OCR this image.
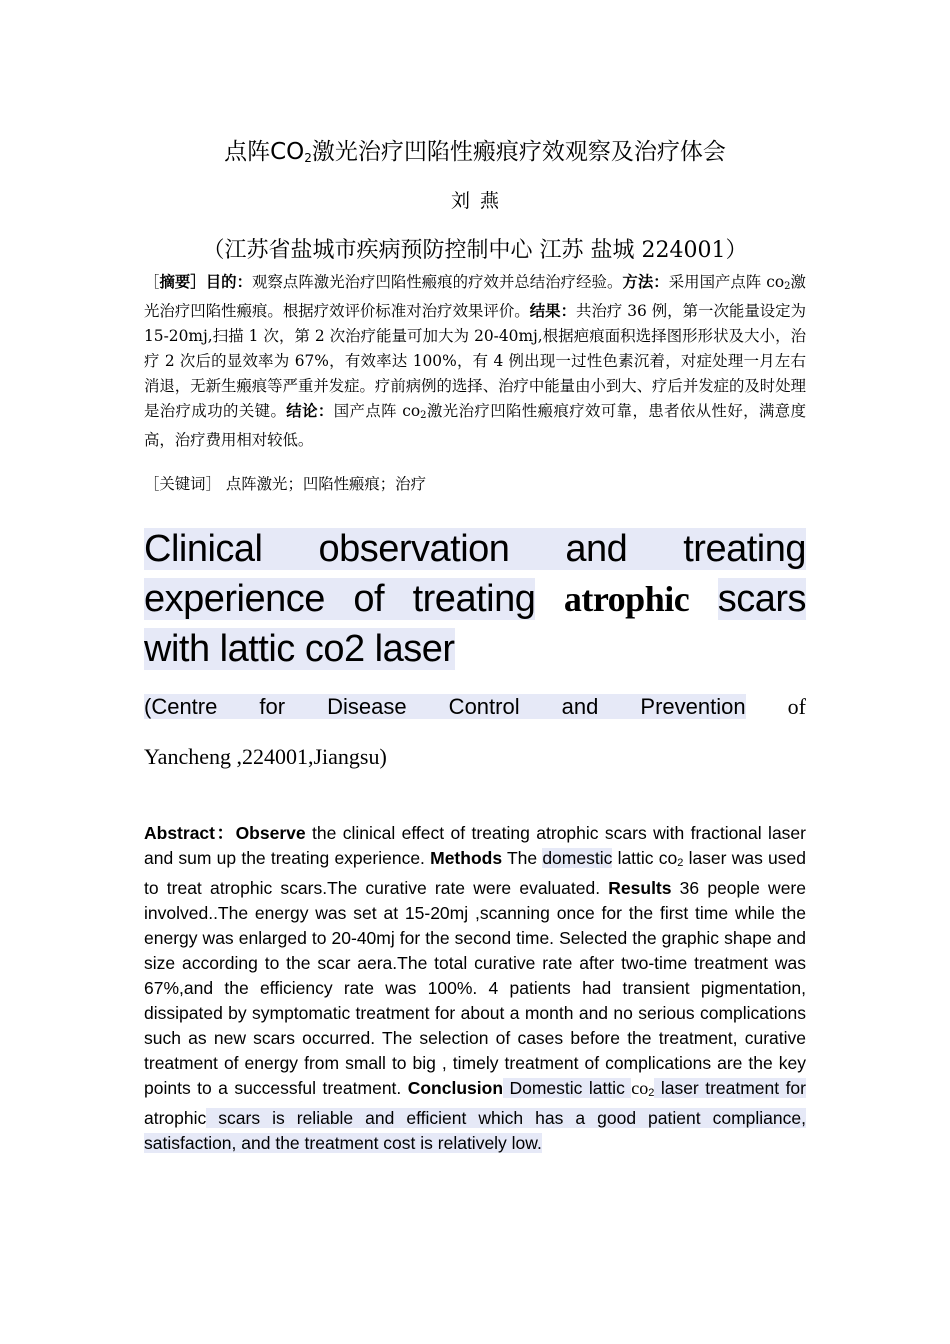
点阵$CO_2$激光治疗凹陷性瘢痕疗效观察及治疗体会
刘燕
（江苏省盐城市疾病预防控制中心 江苏 盐城 224001）
［摘要］目的：观察点阵激光治疗凹陷性瘢痕的疗效并总结治疗经验。方法：采用国产点阵 $co_2$激光治疗凹陷性瘢痕。根据疗效评价标准对治疗效果评价。结果：共治疗 36 例，第一次能量设定为 15-20mj,扫描 1 次，第 2 次治疗能量可加大为 20-40mj,根据疤痕面积选择图形形状及大小，治疗 2 次后的显效率为 67%，有效率达 100%，有 4 例出现一过性色素沉着，对症处理一月左右消退，无新生瘢痕等严重并发症。疗前病例的选择、治疗中能量由小到大、疗后并发症的及时处理是治疗成功的关键。结论：国产点阵 $co_2$激光治疗凹陷性瘢痕疗效可靠，患者依从性好，满意度高，治疗费用相对较低。
［关键词］ 点阵激光；凹陷性瘢痕；治疗
Clinical observation and treating
experience of treating atrophic scars
with lattic co2 laser
(Centre for Disease Control and Prevention of
Yancheng ,224001,Jiangsu)
Abstract：Observe the clinical effect of treating atrophic scars with fractional laser and sum up the treating experience. Methods The domestic lattic $co_2$ laser was used to treat atrophic scars.The curative rate were evaluated. Results 36 people were involved..The energy was set at 15-20mj ,scanning once for the first time while the energy was enlarged to 20-40mj for the second time. Selected the graphic shape and size according to the scar aera.The total curative rate after two-time treatment was 67%,and the efficiency rate was 100%. 4 patients had transient pigmentation, dissipated by symptomatic treatment for about a month and no serious complications such as new scars occurred. The selection of cases before the treatment, curative treatment of energy from small to big , timely treatment of complications are the key points to a successful treatment. Conclusion Domestic lattic $co_2$ laser treatment for atrophic scars is reliable and efficient which has a good patient compliance, satisfaction, and the treatment cost is relatively low.
